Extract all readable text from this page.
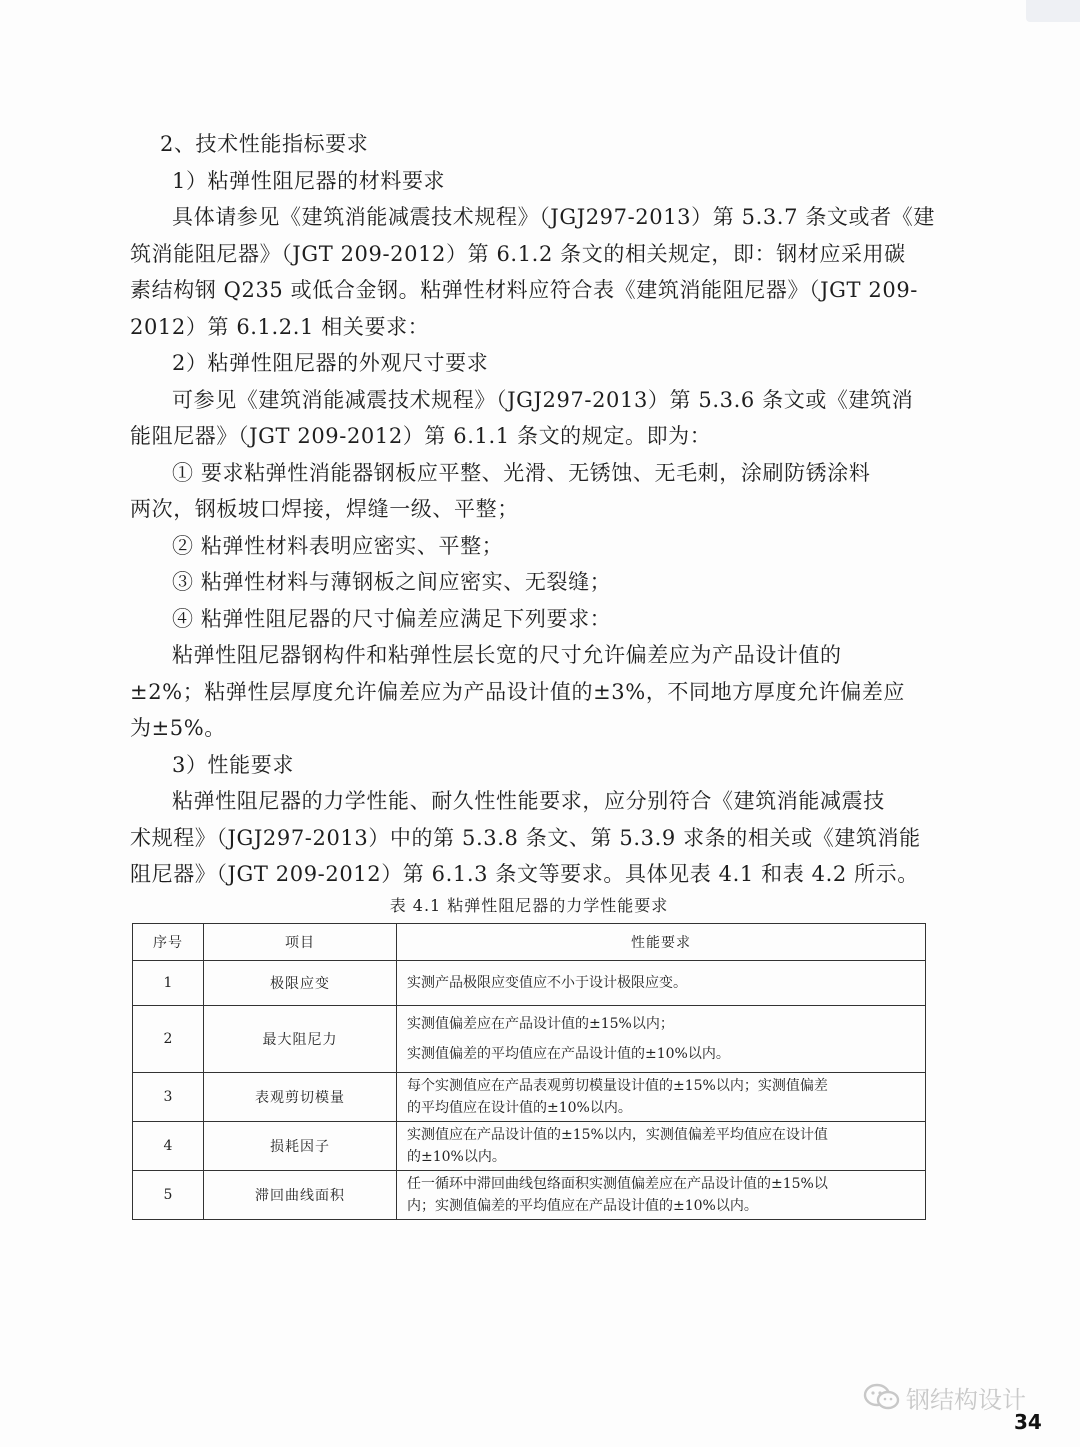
2、技术性能指标要求
1）粘弹性阻尼器的材料要求
具体请参见《建筑消能减震技术规程》（JGJ297-2013）第 5.3.7 条文或者《建
筑消能阻尼器》（JGT 209-2012）第 6.1.2 条文的相关规定，即：钢材应采用碳
素结构钢 Q235 或低合金钢。粘弹性材料应符合表《建筑消能阻尼器》（JGT 209-
2012）第 6.1.2.1 相关要求：
2）粘弹性阻尼器的外观尺寸要求
可参见《建筑消能减震技术规程》（JGJ297-2013）第 5.3.6 条文或《建筑消
能阻尼器》（JGT 209-2012）第 6.1.1 条文的规定。即为：
① 要求粘弹性消能器钢板应平整、光滑、无锈蚀、无毛刺，涂刷防锈涂料
两次，钢板坡口焊接，焊缝一级、平整；
② 粘弹性材料表明应密实、平整；
③ 粘弹性材料与薄钢板之间应密实、无裂缝；
④ 粘弹性阻尼器的尺寸偏差应满足下列要求：
粘弹性阻尼器钢构件和粘弹性层长宽的尺寸允许偏差应为产品设计值的
±2%；粘弹性层厚度允许偏差应为产品设计值的±3%，不同地方厚度允许偏差应
为±5%。
3）性能要求
粘弹性阻尼器的力学性能、耐久性性能要求，应分别符合《建筑消能减震技
术规程》（JGJ297-2013）中的第 5.3.8 条文、第 5.3.9 求条的相关或《建筑消能
阻尼器》（JGT 209-2012）第 6.1.3 条文等要求。具体见表 4.1 和表 4.2 所示。
表 4.1 粘弹性阻尼器的力学性能要求
序号	项目	性能要求
1	极限应变	实测产品极限应变值应不小于设计极限应变。

2	最大阻尼力	实测值偏差应在产品设计值的±15%以内；
实测值偏差的平均值应在产品设计值的±10%以内。

3	表观剪切模量	每个实测值应在产品表观剪切模量设计值的±15%以内；实测值偏差
的平均值应在设计值的±10%以内。

4	损耗因子	实测值应在产品设计值的±15%以内，实测值偏差平均值应在设计值
的±10%以内。

5	滞回曲线面积	任一循环中滞回曲线包络面积实测值偏差应在产品设计值的±15%以
内；实测值偏差的平均值应在产品设计值的±10%以内。
钢结构设计
34
